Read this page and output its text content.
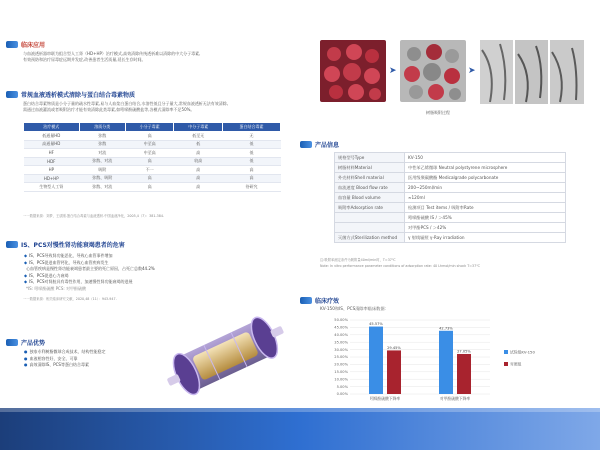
临床应用
与血液透析器串联为组合型人工肾（HD+HP）治疗模式,高效清除传统透析难以清除的中大分子毒素,
有效预防和治疗尿毒症远期并发症,改善患者生活质量,延长生存时间。
常规血液透析模式清除与蛋白结合毒素物质
蛋白结合毒素物质是小分子量的疏水性毒素,易与人血浆白蛋白结合,水溶性低且分子量大,常规血液透析无法有效清除,
需通过血液灌流或者吸附治疗才能有效清除此类毒素,如吲哚酚硫酸盐等,各模式清除率不足50%。
治疗模式	溶质分类	小分子毒素	中分子毒素	蛋白结合毒素
低通量HD	弥散	高	低至无	无
高通量HD	弥散	中至高	低	低
HF	对流	中至高	高	低
HDF	弥散、对流	高	较高	低
HP	吸附	不一	高	高
HD+HP	弥散、吸附	高	高	高
生物型人工肾	弥散、对流	高	高	待研究
一一数据来源：刘梦，王质刚.蛋白结合毒素与血液透析.中国血液净化，2005,4（7）：381-384.
IS、PCS对慢性肾功能衰竭患者的危害
◆ IS、PCS导致肾功能恶化，导致心血管事件增加
◆ IS、PCS促进血管钙化，导致心血管疾病发生
心血管疾病是慢性肾功能衰竭患者最主要的死亡原因，占死亡总数44.2%
◆ IS、PCS促进心力衰竭
◆ IS、PCS对肾脏具有毒性作用，加速慢性肾功能衰竭的进展
*IS: 吲哚酚硫酸 PCS: 对甲酚硫酸
一一数据来源：相关临床研究文献，2020,48（11）：943-947.
产品优势
● 独家专利树脂微球合成技术，结构性能稳定
● 血液相容性好，安全、可靠
● 高效清除IS、PCS等蛋白结合毒素
➤	➤
树脂吸附过程
产品信息
规格型号Type	KV-150
树脂材料Material	中性苯乙烯微球 Neutral polystyrene microsphere
外壳材料Shell material	医用级聚碳酸酯 Medicalgrade polycarbonate
血流速度 Blood flow rate	200~250ml/min
血容量 Blood volume	≈120ml
吸附率Adsorption rate	检测项目 Test items / 吸附率Rate
	吲哚酚硫酸 IS / ＞45%
	对甲酚PCS / ＞42%
灭菌方式Sterilization method	γ 射线辐照 γ-Ray irradiation
注:吸附率测定条件为吸附量40ml/min时，T=37℃
Note: In vitro performance parameter conditions of adsorption rate: 40 Lhmol/min shock T=37℃
临床疗效
KV-150和IS、PCS清除率临床数据：
0.00%
5.00%
10.00%
15.00%
20.00%
25.00%
30.00%
35.00%
40.00%
45.00%
50.00%
45.57%
29.45%
吲哚酚硫酸下降率
42.73%
27.05%
对甲酚硫酸下降率
试验组KV-150
对照组
